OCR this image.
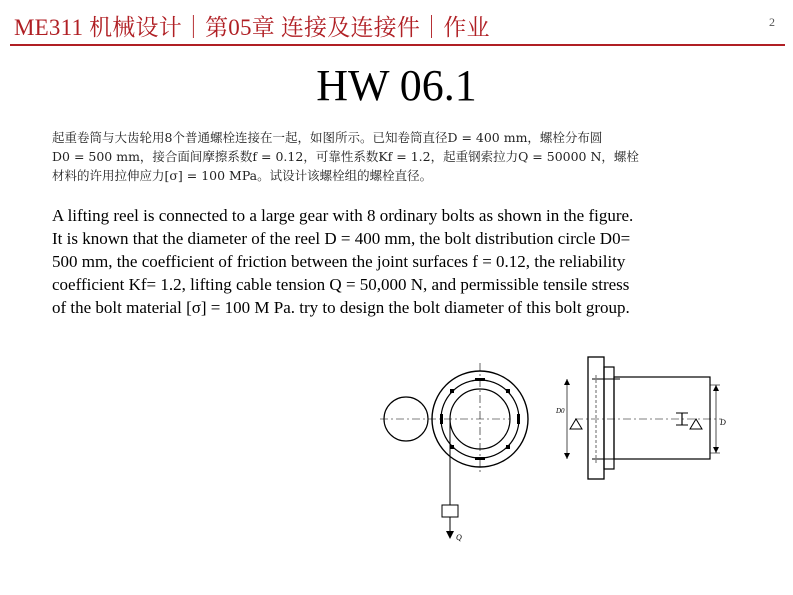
ME311 机械设计｜第05章 连接及连接件｜作业	2
HW 06.1
起重卷筒与大齿轮用8个普通螺栓连接在一起，如图所示。已知卷筒直径D = 400 mm，螺栓分布圆
D0 = 500 mm，接合面间摩擦系数f = 0.12，可靠性系数Kf = 1.2，起重钢索拉力Q = 50000 N，螺栓
材料的许用拉伸应力[σ] = 100 MPa。试设计该螺栓组的螺栓直径。

A lifting reel is connected to a large gear with 8 ordinary bolts as shown in the figure.

It is known that the diameter of the reel D = 400 mm, the bolt distribution circle D0=

500 mm, the coefficient of friction between the joint surfaces f = 0.12, the reliability

coefficient Kf= 1.2, lifting cable tension Q = 50,000 N, and permissible tensile stress

of the bolt material [σ] = 100 M Pa. try to design the bolt diameter of this bolt group.

Q
D0
D
